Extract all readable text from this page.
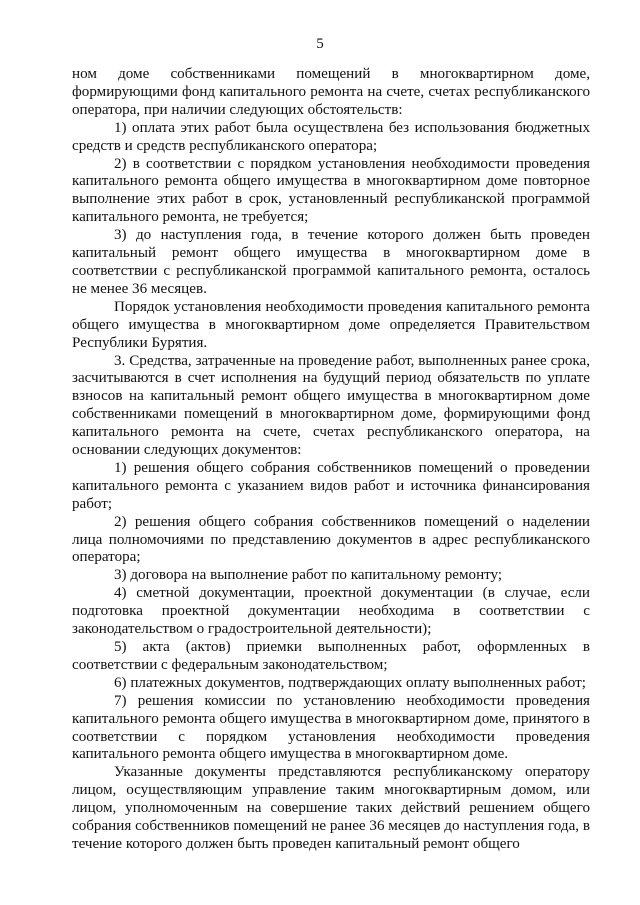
5

ном доме собственниками помещений в многоквартирном доме, формирующими фонд капитального ремонта на счете, счетах республиканского оператора, при наличии следующих обстоятельств:

1) оплата этих работ была осуществлена без использования бюджетных средств и средств республиканского оператора;

2) в соответствии с порядком установления необходимости проведения капитального ремонта общего имущества в многоквартирном доме повторное выполнение этих работ в срок, установленный республиканской программой капитального ремонта, не требуется;

3) до наступления года, в течение которого должен быть проведен капитальный ремонт общего имущества в многоквартирном доме в соответствии с республиканской программой капитального ремонта, осталось не менее 36 месяцев.

Порядок установления необходимости проведения капитального ремонта общего имущества в многоквартирном доме определяется Правительством Республики Бурятия.

3. Средства, затраченные на проведение работ, выполненных ранее срока, засчитываются в счет исполнения на будущий период обязательств по уплате взносов на капитальный ремонт общего имущества в многоквартирном доме собственниками помещений в многоквартирном доме, формирующими фонд капитального ремонта на счете, счетах республиканского оператора, на основании следующих документов:

1) решения общего собрания собственников помещений о проведении капитального ремонта с указанием видов работ и источника финансирования работ;

2) решения общего собрания собственников помещений о наделении лица полномочиями по представлению документов в адрес республиканского оператора;

3) договора на выполнение работ по капитальному ремонту;

4) сметной документации, проектной документации (в случае, если подготовка проектной документации необходима в соответствии с законодательством о градостроительной деятельности);

5) акта (актов) приемки выполненных работ, оформленных в соответствии с федеральным законодательством;

6) платежных документов, подтверждающих оплату выполненных работ;

7) решения комиссии по установлению необходимости проведения капитального ремонта общего имущества в многоквартирном доме, принятого в соответствии с порядком установления необходимости проведения капитального ремонта общего имущества в многоквартирном доме.

Указанные документы представляются республиканскому оператору лицом, осуществляющим управление таким многоквартирным домом, или лицом, уполномоченным на совершение таких действий решением общего собрания собственников помещений не ранее 36 месяцев до наступления года, в течение которого должен быть проведен капитальный ремонт общего
